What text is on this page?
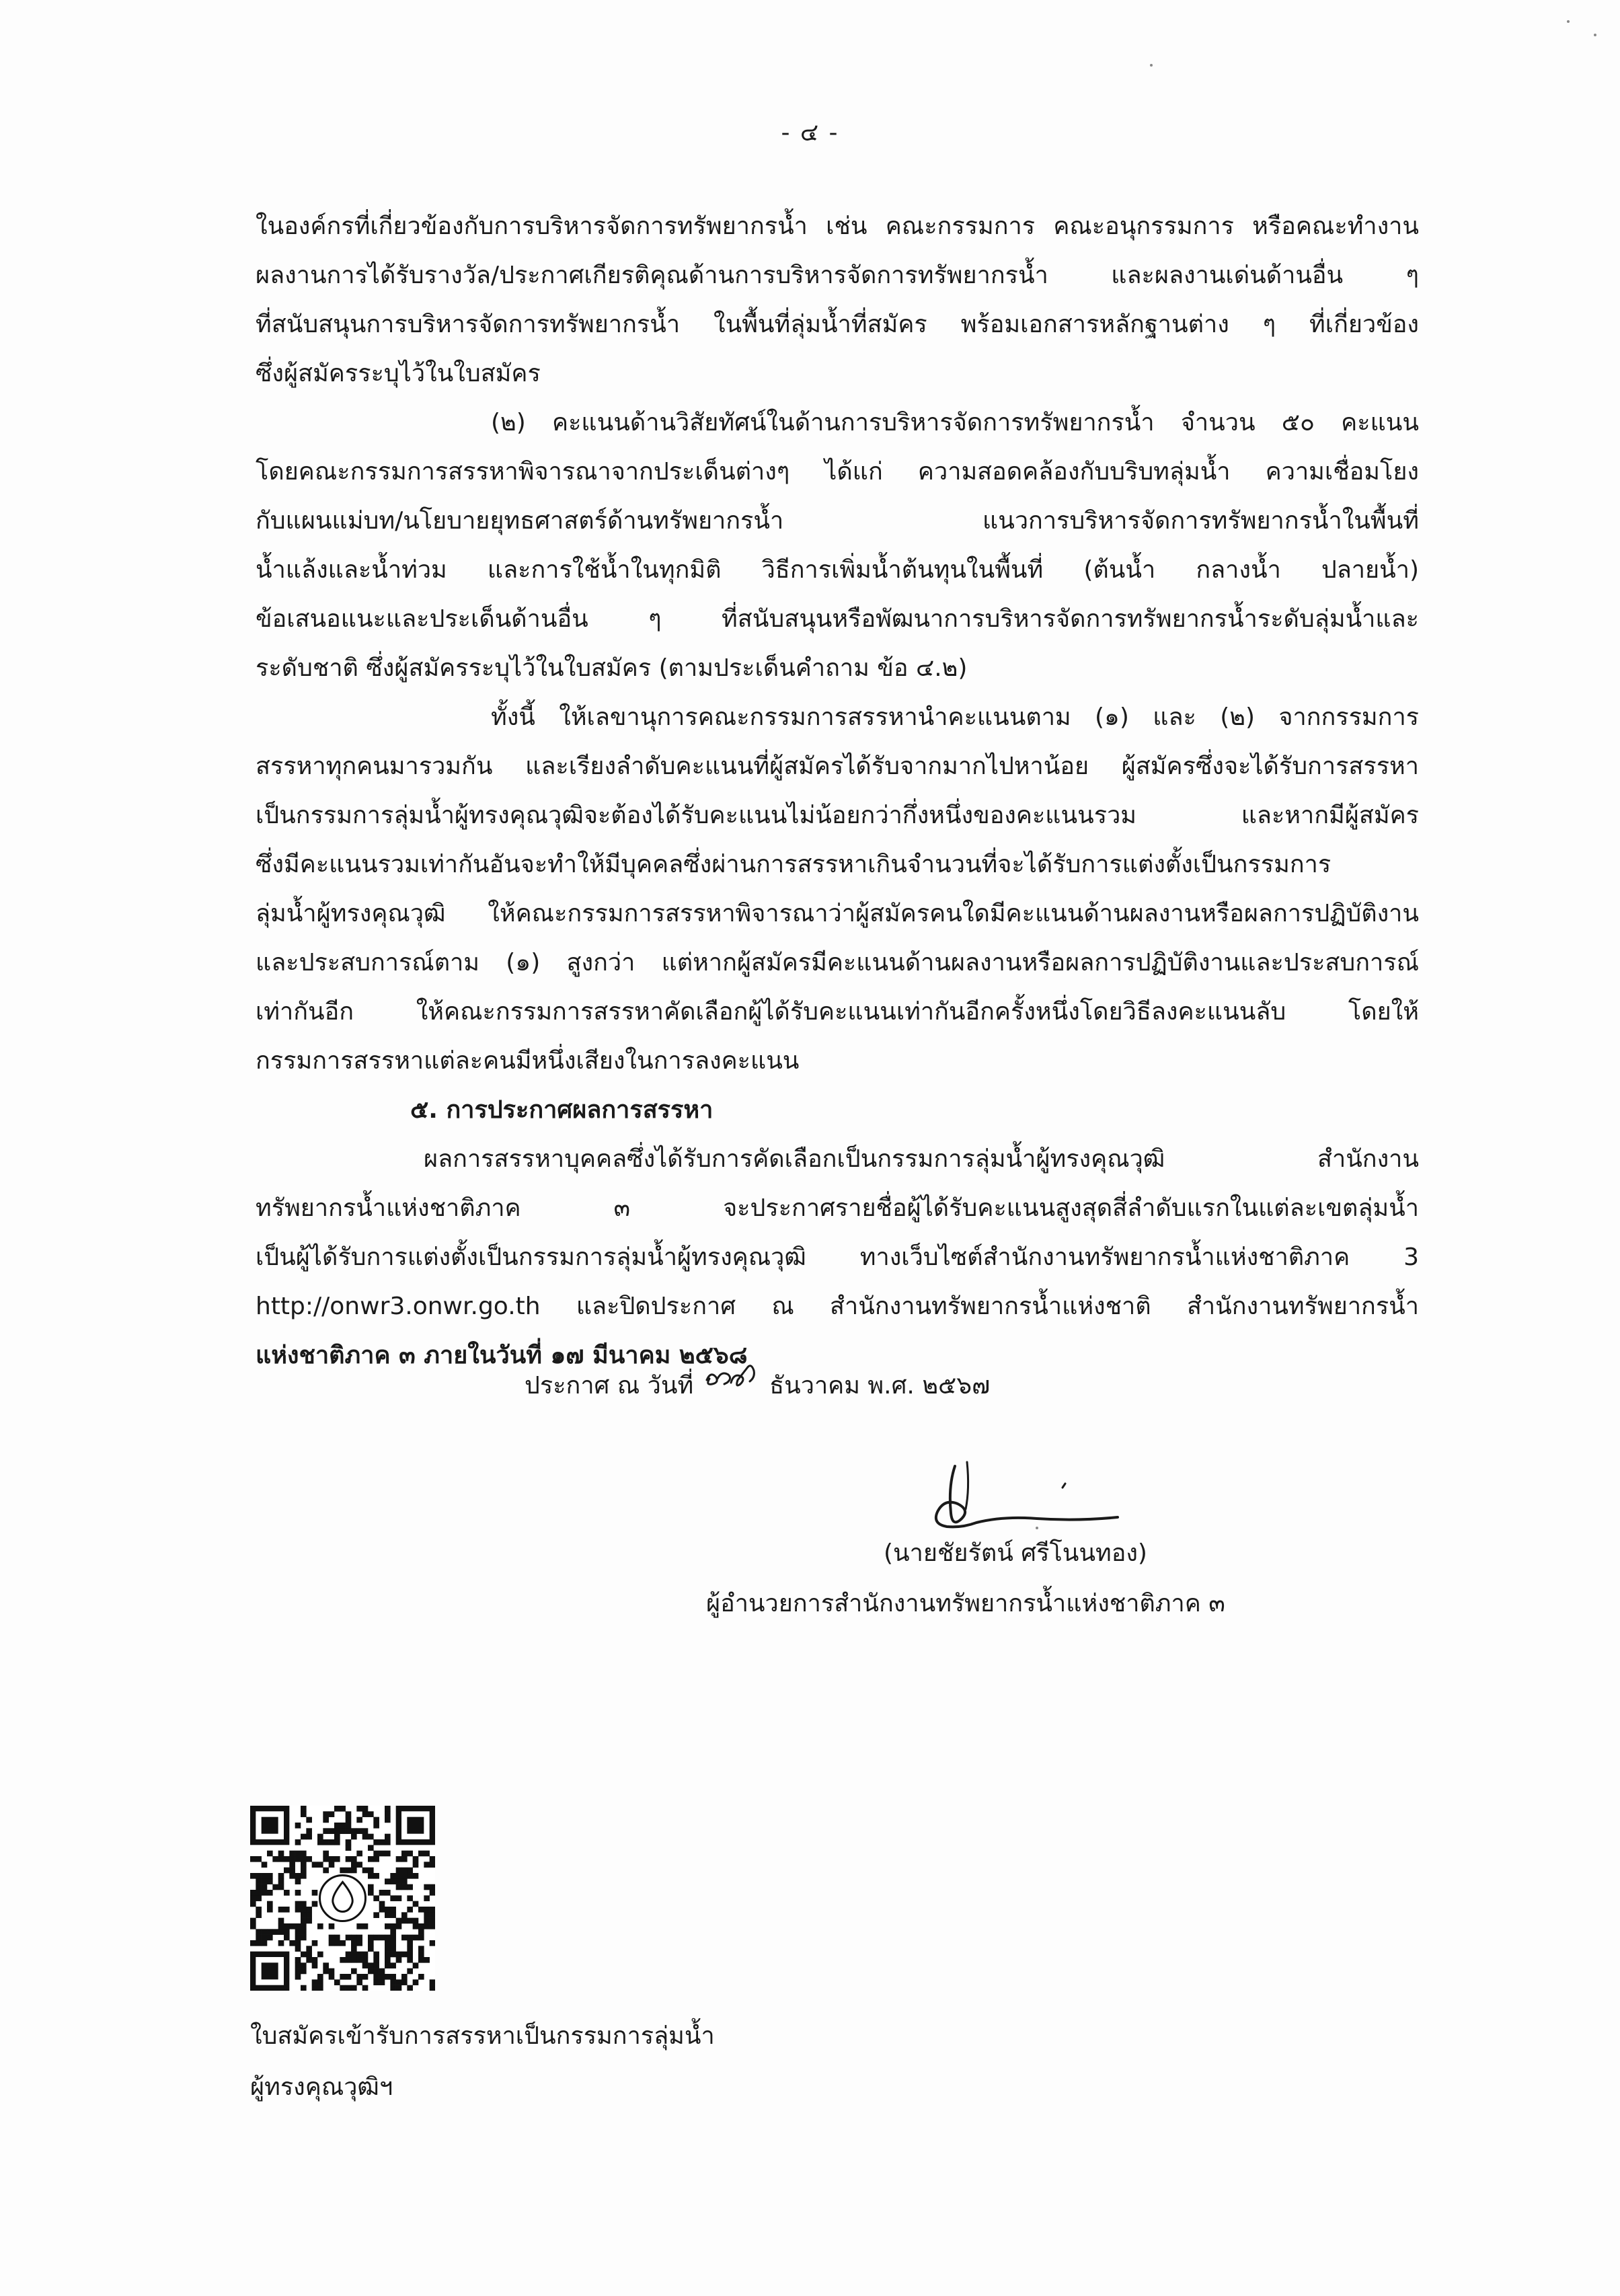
- ๔ -
ในองค์กรที่เกี่ยวข้องกับการบริหารจัดการทรัพยากรน้ำ เช่น คณะกรรมการ คณะอนุกรรมการ หรือคณะทำงาน
ผลงานการได้รับรางวัล/ประกาศเกียรติคุณด้านการบริหารจัดการทรัพยากรน้ำ และผลงานเด่นด้านอื่น ๆ
ที่สนับสนุนการบริหารจัดการทรัพยากรน้ำ ในพื้นที่ลุ่มน้ำที่สมัคร พร้อมเอกสารหลักฐานต่าง ๆ ที่เกี่ยวข้อง
ซึ่งผู้สมัครระบุไว้ในใบสมัคร
(๒) คะแนนด้านวิสัยทัศน์ในด้านการบริหารจัดการทรัพยากรน้ำ จำนวน ๕๐ คะแนน
โดยคณะกรรมการสรรหาพิจารณาจากประเด็นต่างๆ ได้แก่ ความสอดคล้องกับบริบทลุ่มน้ำ ความเชื่อมโยง
กับแผนแม่บท/นโยบายยุทธศาสตร์ด้านทรัพยากรน้ำ แนวการบริหารจัดการทรัพยากรน้ำในพื้นที่
น้ำแล้งและน้ำท่วม และการใช้น้ำในทุกมิติ วิธีการเพิ่มน้ำต้นทุนในพื้นที่ (ต้นน้ำ กลางน้ำ ปลายน้ำ)
ข้อเสนอแนะและประเด็นด้านอื่น ๆ ที่สนับสนุนหรือพัฒนาการบริหารจัดการทรัพยากรน้ำระดับลุ่มน้ำและ
ระดับชาติ ซึ่งผู้สมัครระบุไว้ในใบสมัคร (ตามประเด็นคำถาม ข้อ ๔.๒)
ทั้งนี้ ให้เลขานุการคณะกรรมการสรรหานำคะแนนตาม (๑) และ (๒) จากกรรมการ
สรรหาทุกคนมารวมกัน และเรียงลำดับคะแนนที่ผู้สมัครได้รับจากมากไปหาน้อย ผู้สมัครซึ่งจะได้รับการสรรหา
เป็นกรรมการลุ่มน้ำผู้ทรงคุณวุฒิจะต้องได้รับคะแนนไม่น้อยกว่ากึ่งหนึ่งของคะแนนรวม และหากมีผู้สมัคร
ซึ่งมีคะแนนรวมเท่ากันอันจะทำให้มีบุคคลซึ่งผ่านการสรรหาเกินจำนวนที่จะได้รับการแต่งตั้งเป็นกรรมการ
ลุ่มน้ำผู้ทรงคุณวุฒิ ให้คณะกรรมการสรรหาพิจารณาว่าผู้สมัครคนใดมีคะแนนด้านผลงานหรือผลการปฏิบัติงาน
และประสบการณ์ตาม (๑) สูงกว่า แต่หากผู้สมัครมีคะแนนด้านผลงานหรือผลการปฏิบัติงานและประสบการณ์
เท่ากันอีก ให้คณะกรรมการสรรหาคัดเลือกผู้ได้รับคะแนนเท่ากันอีกครั้งหนึ่งโดยวิธีลงคะแนนลับ โดยให้
กรรมการสรรหาแต่ละคนมีหนึ่งเสียงในการลงคะแนน
๕. การประกาศผลการสรรหา
ผลการสรรหาบุคคลซึ่งได้รับการคัดเลือกเป็นกรรมการลุ่มน้ำผู้ทรงคุณวุฒิ สำนักงาน
ทรัพยากรน้ำแห่งชาติภาค ๓ จะประกาศรายชื่อผู้ได้รับคะแนนสูงสุดสี่ลำดับแรกในแต่ละเขตลุ่มน้ำ
เป็นผู้ได้รับการแต่งตั้งเป็นกรรมการลุ่มน้ำผู้ทรงคุณวุฒิ ทางเว็บไซต์สำนักงานทรัพยากรน้ำแห่งชาติภาค 3
http://onwr3.onwr.go.th และปิดประกาศ ณ สำนักงานทรัพยากรน้ำแห่งชาติ สำนักงานทรัพยากรน้ำ
แห่งชาติภาค ๓ ภายในวันที่ ๑๗ มีนาคม ๒๕๖๘
ประกาศ ณ วันที่	ธันวาคม พ.ศ. ๒๕๖๗
(นายชัยรัตน์ ศรีโนนทอง)
ผู้อำนวยการสำนักงานทรัพยากรน้ำแห่งชาติภาค ๓
ใบสมัครเข้ารับการสรรหาเป็นกรรมการลุ่มน้ำ
ผู้ทรงคุณวุฒิฯ
